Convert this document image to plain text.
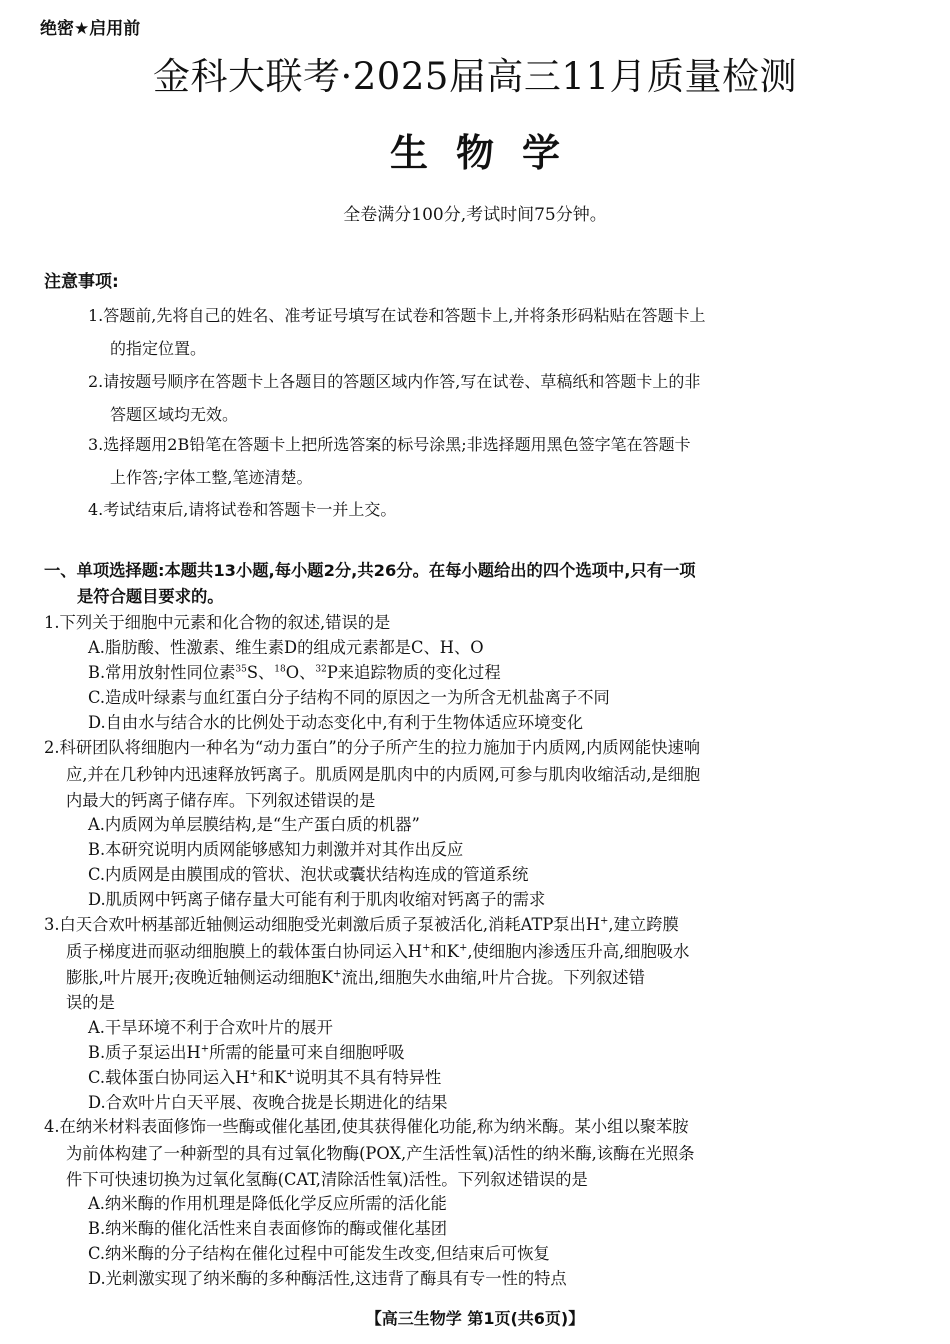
绝密★启用前
金科大联考·2025届高三11月质量检测
生物学
全卷满分100分,考试时间75分钟。
注意事项:
1.答题前,先将自己的姓名、准考证号填写在试卷和答题卡上,并将条形码粘贴在答题卡上
的指定位置。
2.请按题号顺序在答题卡上各题目的答题区域内作答,写在试卷、草稿纸和答题卡上的非
答题区域均无效。
3.选择题用2B铅笔在答题卡上把所选答案的标号涂黑;非选择题用黑色签字笔在答题卡
上作答;字体工整,笔迹清楚。
4.考试结束后,请将试卷和答题卡一并上交。
一、单项选择题:本题共13小题,每小题2分,共26分。在每小题给出的四个选项中,只有一项
是符合题目要求的。
1.下列关于细胞中元素和化合物的叙述,错误的是
A.脂肪酸、性激素、维生素D的组成元素都是C、H、O
B.常用放射性同位素$^{35}$S、$^{18}$O、$^{32}$P来追踪物质的变化过程
C.造成叶绿素与血红蛋白分子结构不同的原因之一为所含无机盐离子不同
D.自由水与结合水的比例处于动态变化中,有利于生物体适应环境变化
2.科研团队将细胞内一种名为“动力蛋白”的分子所产生的拉力施加于内质网,内质网能快速响
应,并在几秒钟内迅速释放钙离子。肌质网是肌肉中的内质网,可参与肌肉收缩活动,是细胞
内最大的钙离子储存库。下列叙述错误的是
A.内质网为单层膜结构,是“生产蛋白质的机器”
B.本研究说明内质网能够感知力刺激并对其作出反应
C.内质网是由膜围成的管状、泡状或囊状结构连成的管道系统
D.肌质网中钙离子储存量大可能有利于肌肉收缩对钙离子的需求
3.白天合欢叶柄基部近轴侧运动细胞受光刺激后质子泵被活化,消耗ATP泵出H+,建立跨膜
质子梯度进而驱动细胞膜上的载体蛋白协同运入H+和K+,使细胞内渗透压升高,细胞吸水
膨胀,叶片展开;夜晚近轴侧运动细胞K+流出,细胞失水曲缩,叶片合拢。下列叙述错
误的是
A.干旱环境不利于合欢叶片的展开
B.质子泵运出H+所需的能量可来自细胞呼吸
C.载体蛋白协同运入H+和K+说明其不具有特异性
D.合欢叶片白天平展、夜晚合拢是长期进化的结果
4.在纳米材料表面修饰一些酶或催化基团,使其获得催化功能,称为纳米酶。某小组以聚苯胺
为前体构建了一种新型的具有过氧化物酶(POX,产生活性氧)活性的纳米酶,该酶在光照条
件下可快速切换为过氧化氢酶(CAT,清除活性氧)活性。下列叙述错误的是
A.纳米酶的作用机理是降低化学反应所需的活化能
B.纳米酶的催化活性来自表面修饰的酶或催化基团
C.纳米酶的分子结构在催化过程中可能发生改变,但结束后可恢复
D.光刺激实现了纳米酶的多种酶活性,这违背了酶具有专一性的特点
【高三生物学 第1页(共6页)】
